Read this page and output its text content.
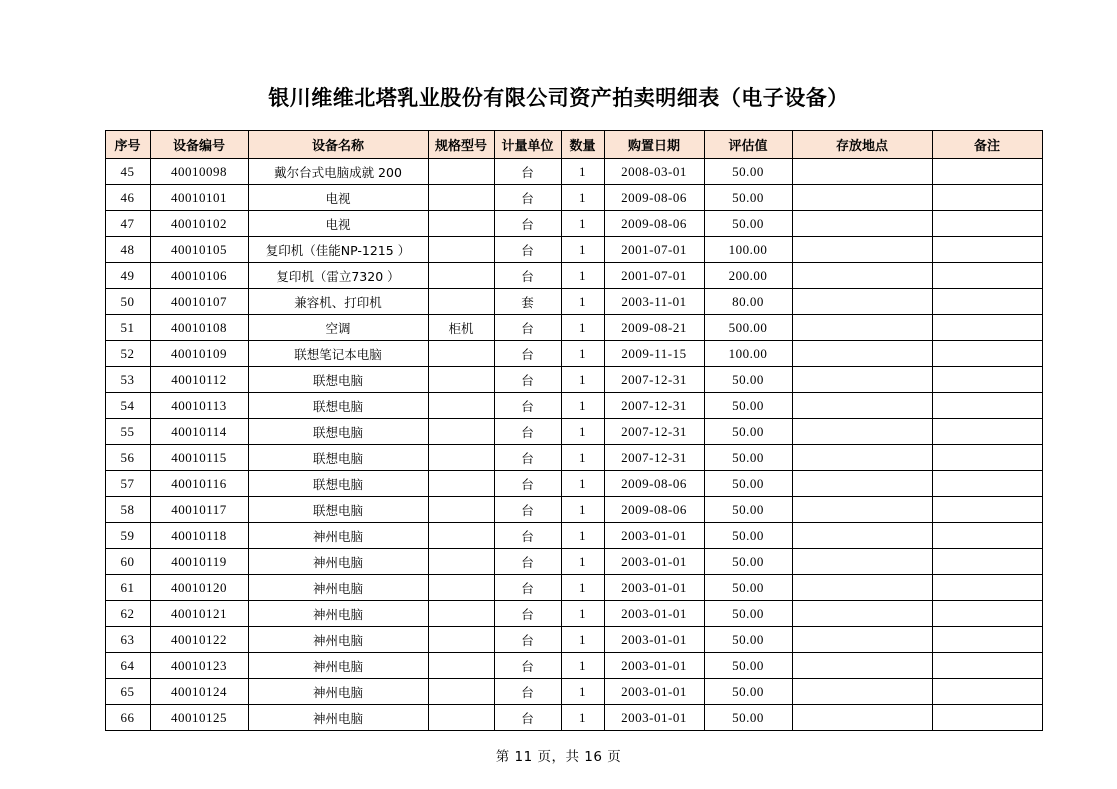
银川维维北塔乳业股份有限公司资产拍卖明细表（电子设备）
序号	设备编号	设备名称	规格型号	计量单位	数量	购置日期	评估值	存放地点	备注
45	40010098	戴尔台式电脑成就 200		台	1	2008-03-01	50.00		
46	40010101	电视		台	1	2009-08-06	50.00		
47	40010102	电视		台	1	2009-08-06	50.00		
48	40010105	复印机（佳能NP-1215 ）		台	1	2001-07-01	100.00		
49	40010106	复印机（雷立7320 ）		台	1	2001-07-01	200.00		
50	40010107	兼容机、打印机		套	1	2003-11-01	80.00		
51	40010108	空调	柜机	台	1	2009-08-21	500.00		
52	40010109	联想笔记本电脑		台	1	2009-11-15	100.00		
53	40010112	联想电脑		台	1	2007-12-31	50.00		
54	40010113	联想电脑		台	1	2007-12-31	50.00		
55	40010114	联想电脑		台	1	2007-12-31	50.00		
56	40010115	联想电脑		台	1	2007-12-31	50.00		
57	40010116	联想电脑		台	1	2009-08-06	50.00		
58	40010117	联想电脑		台	1	2009-08-06	50.00		
59	40010118	神州电脑		台	1	2003-01-01	50.00		
60	40010119	神州电脑		台	1	2003-01-01	50.00		
61	40010120	神州电脑		台	1	2003-01-01	50.00		
62	40010121	神州电脑		台	1	2003-01-01	50.00		
63	40010122	神州电脑		台	1	2003-01-01	50.00		
64	40010123	神州电脑		台	1	2003-01-01	50.00		
65	40010124	神州电脑		台	1	2003-01-01	50.00		
66	40010125	神州电脑		台	1	2003-01-01	50.00		
第 11 页，共 16 页
